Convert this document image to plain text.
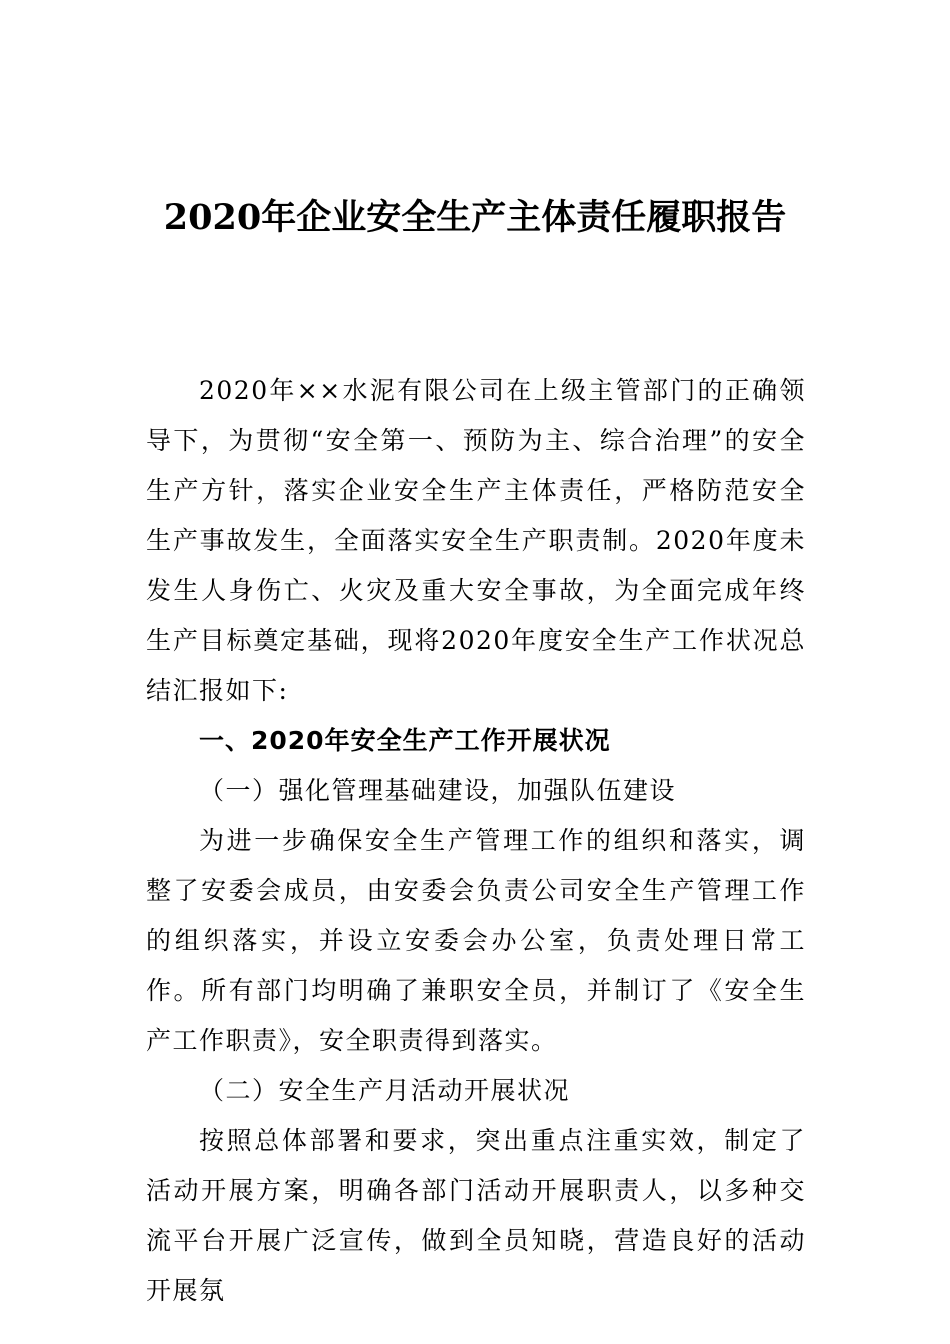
2020年企业安全生产主体责任履职报告

2020年××水泥有限公司在上级主管部门的正确领导下，为贯彻“安全第一、预防为主、综合治理”的安全生产方针，落实企业安全生产主体责任，严格防范安全生产事故发生，全面落实安全生产职责制。2020年度未发生人身伤亡、火灾及重大安全事故，为全面完成年终生产目标奠定基础，现将2020年度安全生产工作状况总结汇报如下:

一、2020年安全生产工作开展状况

（一）强化管理基础建设，加强队伍建设

为进一步确保安全生产管理工作的组织和落实，调整了安委会成员，由安委会负责公司安全生产管理工作的组织落实，并设立安委会办公室，负责处理日常工作。所有部门均明确了兼职安全员，并制订了《安全生产工作职责》，安全职责得到落实。

（二）安全生产月活动开展状况

按照总体部署和要求，突出重点注重实效，制定了活动开展方案，明确各部门活动开展职责人，以多种交流平台开展广泛宣传，做到全员知晓，营造良好的活动开展氛
